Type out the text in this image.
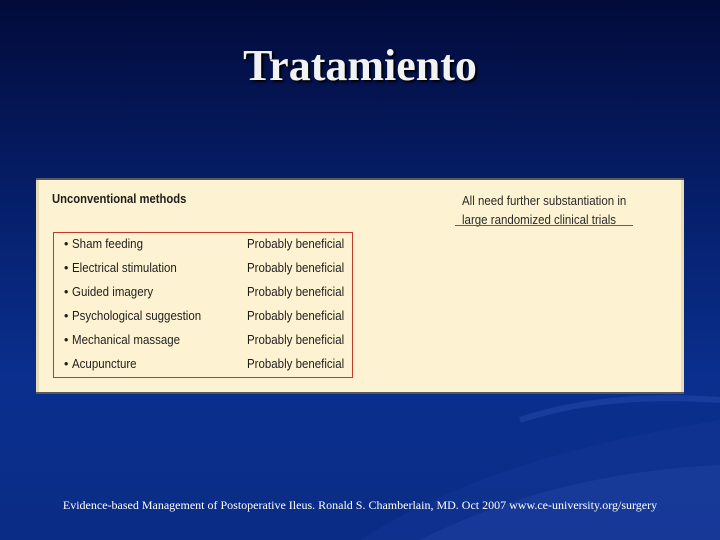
Tratamiento
Unconventional methods	All need further substantiation in
large randomized clinical trials
• Sham feeding	Probably beneficial
• Electrical stimulation	Probably beneficial
• Guided imagery	Probably beneficial
• Psychological suggestion	Probably beneficial
• Mechanical massage	Probably beneficial
• Acupuncture	Probably beneficial
Evidence-based Management of Postoperative Ileus. Ronald S. Chamberlain, MD. Oct 2007 www.ce-university.org/surgery
